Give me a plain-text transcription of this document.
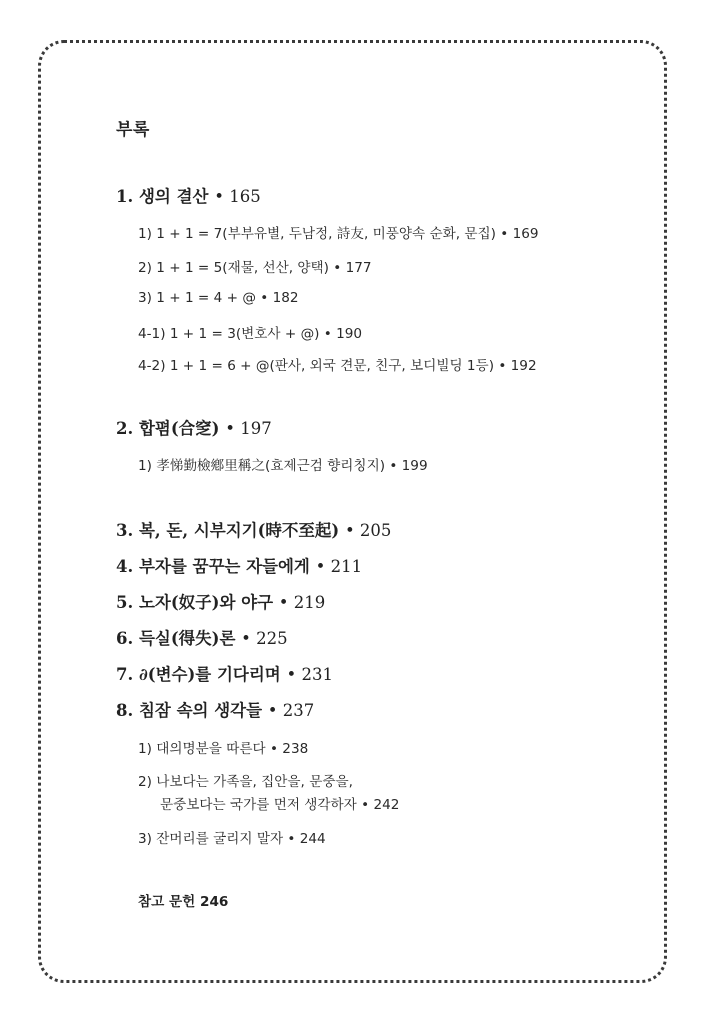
부록
1. 생의 결산 • 165
1) 1 + 1 = 7(부부유별, 두남정, 詩友, 미풍양속 순화, 문집) • 169
2) 1 + 1 = 5(재물, 선산, 양택) • 177
3) 1 + 1 = 4 + @ • 182
4-1) 1 + 1 = 3(변호사 + @) • 190
4-2) 1 + 1 = 6 + @(판사, 외국 견문, 친구, 보디빌딩 1등) • 192
2. 합폄(合窆) • 197
1) 孝悌勤檢鄕里稱之(효제근검 향리칭지) • 199
3. 복, 돈, 시부지기(時不至起) • 205
4. 부자를 꿈꾸는 자들에게 • 211
5. 노자(奴子)와 야구 • 219
6. 득실(得失)론 • 225
7. ∂(변수)를 기다리며 • 231
8. 침잠 속의 생각들 • 237
1) 대의명분을 따른다 • 238
2) 나보다는 가족을, 집안을, 문중을,
문중보다는 국가를 먼저 생각하자 • 242
3) 잔머리를 굴리지 말자 • 244
참고 문헌 246
